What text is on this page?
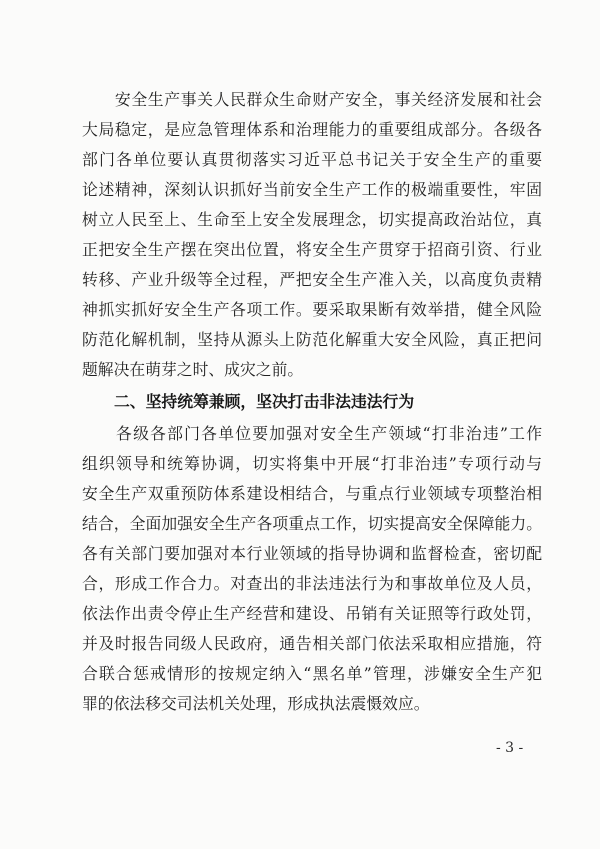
　　安全生产事关人民群众生命财产安全，事关经济发展和社会
大局稳定，是应急管理体系和治理能力的重要组成部分。各级各
部门各单位要认真贯彻落实习近平总书记关于安全生产的重要
论述精神，深刻认识抓好当前安全生产工作的极端重要性，牢固
树立人民至上、生命至上安全发展理念，切实提高政治站位，真
正把安全生产摆在突出位置，将安全生产贯穿于招商引资、行业
转移、产业升级等全过程，严把安全生产准入关，以高度负责精
神抓实抓好安全生产各项工作。要采取果断有效举措，健全风险
防范化解机制，坚持从源头上防范化解重大安全风险，真正把问
题解决在萌芽之时、成灾之前。
二、坚持统筹兼顾，坚决打击非法违法行为
　　各级各部门各单位要加强对安全生产领域“打非治违”工作
组织领导和统筹协调，切实将集中开展“打非治违”专项行动与
安全生产双重预防体系建设相结合，与重点行业领域专项整治相
结合，全面加强安全生产各项重点工作，切实提高安全保障能力。
各有关部门要加强对本行业领域的指导协调和监督检查，密切配
合，形成工作合力。对查出的非法违法行为和事故单位及人员，
依法作出责令停止生产经营和建设、吊销有关证照等行政处罚，
并及时报告同级人民政府，通告相关部门依法采取相应措施，符
合联合惩戒情形的按规定纳入“黑名单”管理，涉嫌安全生产犯
罪的依法移交司法机关处理，形成执法震慑效应。
- 3 -
